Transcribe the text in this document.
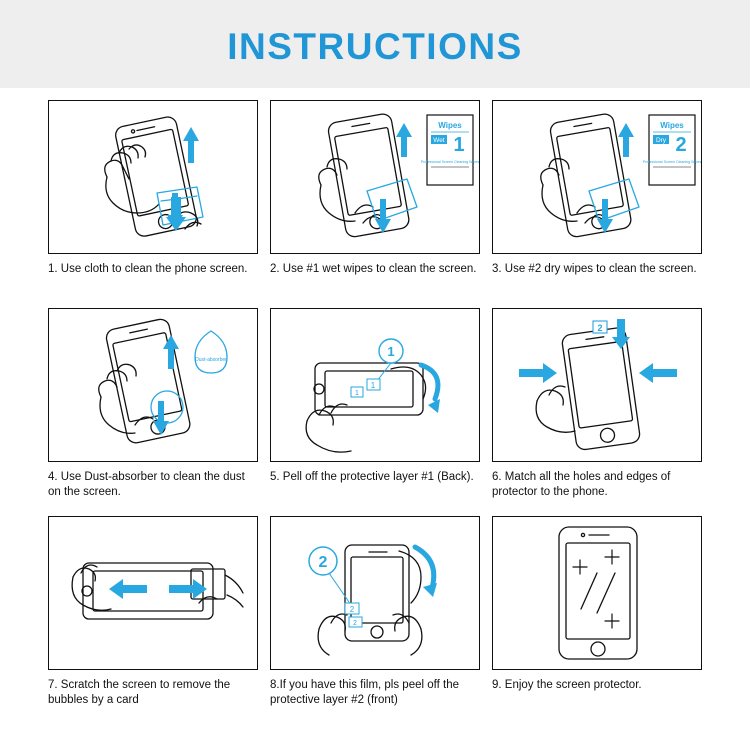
INSTRUCTIONS
1. Use cloth to clean the phone screen.
Wipes
Wet 1
Professional Screen Cleaning Wipes
2. Use #1 wet wipes to clean the screen.
Wipes
Dry 2
Professional Screen Cleaning Wipes
3. Use #2 dry wipes to clean the screen.
Dust-absorber
4. Use Dust-absorber to clean the dust on the screen.
1
1
1
5. Pell off the protective layer #1 (Back).
2
6. Match all the holes and edges of protector to the phone.
7. Scratch the screen to remove the bubbles by a card
2
2
2
8.If you have this film, pls peel off the protective layer #2 (front)
9. Enjoy the screen protector.
